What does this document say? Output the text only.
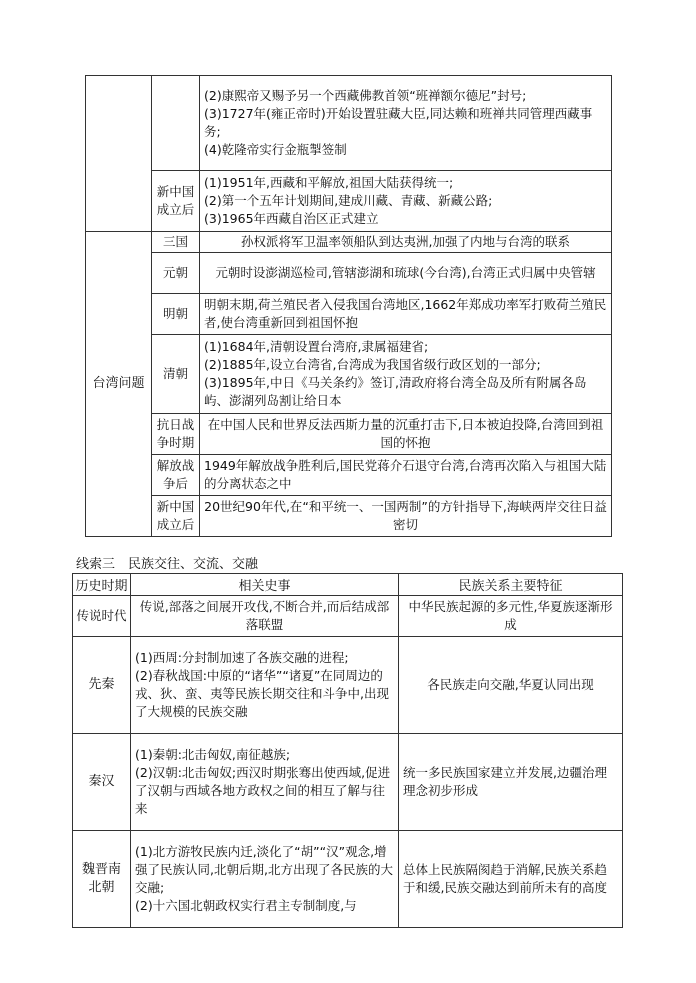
		(2)康熙帝又赐予另一个西藏佛教首领“班禅额尔德尼”封号;
(3)1727年(雍正帝时)开始设置驻藏大臣,同达赖和班禅共同管理西藏事务;
(4)乾隆帝实行金瓶掣签制

	新中国成立后	(1)1951年,西藏和平解放,祖国大陆获得统一;
(2)第一个五年计划期间,建成川藏、青藏、新藏公路;
(3)1965年西藏自治区正式建立

台湾问题	三国	孙权派将军卫温率领船队到达夷洲,加强了内地与台湾的联系
	元朝	元朝时设澎湖巡检司,管辖澎湖和琉球(今台湾),台湾正式归属中央管辖
	明朝	明朝末期,荷兰殖民者入侵我国台湾地区,1662年郑成功率军打败荷兰殖民者,使台湾重新回到祖国怀抱
	清朝	(1)1684年,清朝设置台湾府,隶属福建省;
(2)1885年,设立台湾省,台湾成为我国省级行政区划的一部分;
(3)1895年,中日《马关条约》签订,清政府将台湾全岛及所有附属各岛屿、澎湖列岛割让给日本

	抗日战争时期	在中国人民和世界反法西斯力量的沉重打击下,日本被迫投降,台湾回到祖国的怀抱
	解放战争后	1949年解放战争胜利后,国民党蒋介石退守台湾,台湾再次陷入与祖国大陆的分离状态之中
	新中国成立后	20世纪90年代,在“和平统一、一国两制”的方针指导下,海峡两岸交往日益密切
线索三　民族交往、交流、交融
历史时期	相关史事	民族关系主要特征
传说时代	传说,部落之间展开攻伐,不断合并,而后结成部落联盟	中华民族起源的多元性,华夏族逐渐形成
先秦	(1)西周:分封制加速了各族交融的进程;
(2)春秋战国:中原的“诸华”“诸夏”在同周边的戎、狄、蛮、夷等民族长期交往和斗争中,出现了大规模的民族交融	各民族走向交融,华夏认同出现
秦汉	(1)秦朝:北击匈奴,南征越族;
(2)汉朝:北击匈奴;西汉时期张骞出使西域,促进了汉朝与西域各地方政权之间的相互了解与往来	统一多民族国家建立并发展,边疆治理理念初步形成
魏晋南北朝	(1)北方游牧民族内迁,淡化了“胡”“汉”观念,增强了民族认同,北朝后期,北方出现了各民族的大交融;
(2)十六国北朝政权实行君主专制制度,与	总体上民族隔阂趋于消解,民族关系趋于和缓,民族交融达到前所未有的高度
